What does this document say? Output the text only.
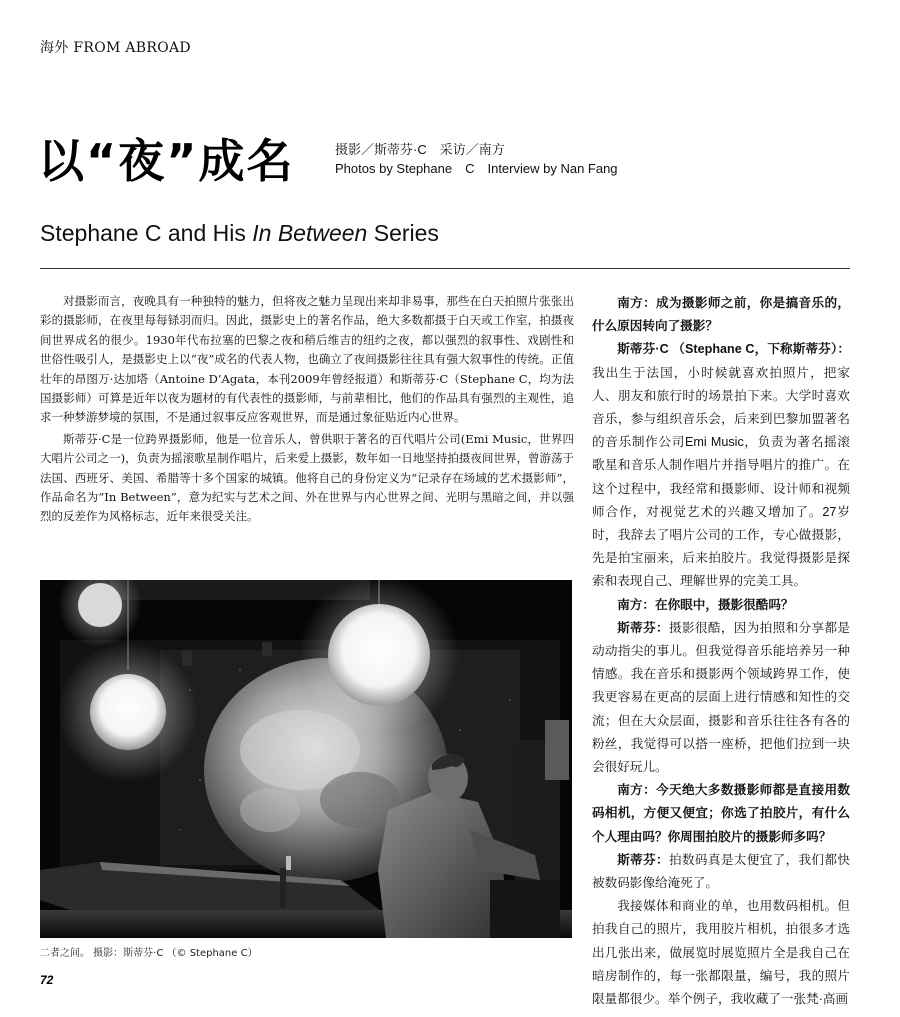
海外 FROM ABROAD
以“夜”成名	摄影／斯蒂芬·C　采访／南方
Photos by Stephane　C　Interview by Nan Fang
Stephane C and His In Between Series

对摄影而言，夜晚具有一种独特的魅力，但将夜之魅力呈现出来却非易事，那些在白天拍照片张张出彩的摄影师，在夜里每每铩羽而归。因此，摄影史上的著名作品，绝大多数都摄于白天或工作室，拍摄夜间世界成名的很少。1930年代布拉塞的巴黎之夜和稍后维吉的纽约之夜，都以强烈的叙事性、戏剧性和世俗性吸引人，是摄影史上以“夜”成名的代表人物，也确立了夜间摄影往往具有强大叙事性的传统。正值壮年的昂图万·达加塔（Antoine D’Agata，本刊2009年曾经报道）和斯蒂芬·C（Stephane C，均为法国摄影师）可算是近年以夜为题材的有代表性的摄影师，与前辈相比，他们的作品具有强烈的主观性，追求一种梦游梦境的氛围，不是通过叙事反应客观世界，而是通过象征贴近内心世界。

斯蒂芬·C是一位跨界摄影师，他是一位音乐人，曾供职于著名的百代唱片公司(Emi Music，世界四大唱片公司之一)，负责为摇滚歌星制作唱片，后来爱上摄影，数年如一日地坚持拍摄夜间世界，曾游荡于法国、西班牙、美国、希腊等十多个国家的城镇。他将自己的身份定义为“记录存在场域的艺术摄影师”，作品命名为“In Between”，意为纪实与艺术之间、外在世界与内心世界之间、光明与黑暗之间，并以强烈的反差作为风格标志，近年来很受关注。

二者之间。 摄影：斯蒂芬·C （© Stephane C）
72

南方：成为摄影师之前，你是搞音乐的，什么原因转向了摄影？

斯蒂芬·C （Stephane C，下称斯蒂芬）：我出生于法国，小时候就喜欢拍照片，把家人、朋友和旅行时的场景拍下来。大学时喜欢音乐，参与组织音乐会，后来到巴黎加盟著名的音乐制作公司Emi Music，负责为著名摇滚歌星和音乐人制作唱片并指导唱片的推广。在这个过程中，我经常和摄影师、设计师和视频师合作，对视觉艺术的兴趣又增加了。27岁时，我辞去了唱片公司的工作，专心做摄影，先是拍宝丽来，后来拍胶片。我觉得摄影是探索和表现自己、理解世界的完美工具。

南方：在你眼中，摄影很酷吗？

斯蒂芬：摄影很酷，因为拍照和分享都是动动指尖的事儿。但我觉得音乐能培养另一种情感。我在音乐和摄影两个领域跨界工作，使我更容易在更高的层面上进行情感和知性的交流；但在大众层面，摄影和音乐往往各有各的粉丝，我觉得可以搭一座桥，把他们拉到一块会很好玩儿。

南方：今天绝大多数摄影师都是直接用数码相机，方便又便宜；你选了拍胶片，有什么个人理由吗？你周围拍胶片的摄影师多吗？

斯蒂芬：拍数码真是太便宜了，我们都快被数码影像给淹死了。

我接媒体和商业的单，也用数码相机。但拍我自己的照片，我用胶片相机，拍很多才选出几张出来，做展览时展览照片全是我自己在暗房制作的，每一张都限量，编号，我的照片限量都很少。举个例子，我收藏了一张梵·高画
